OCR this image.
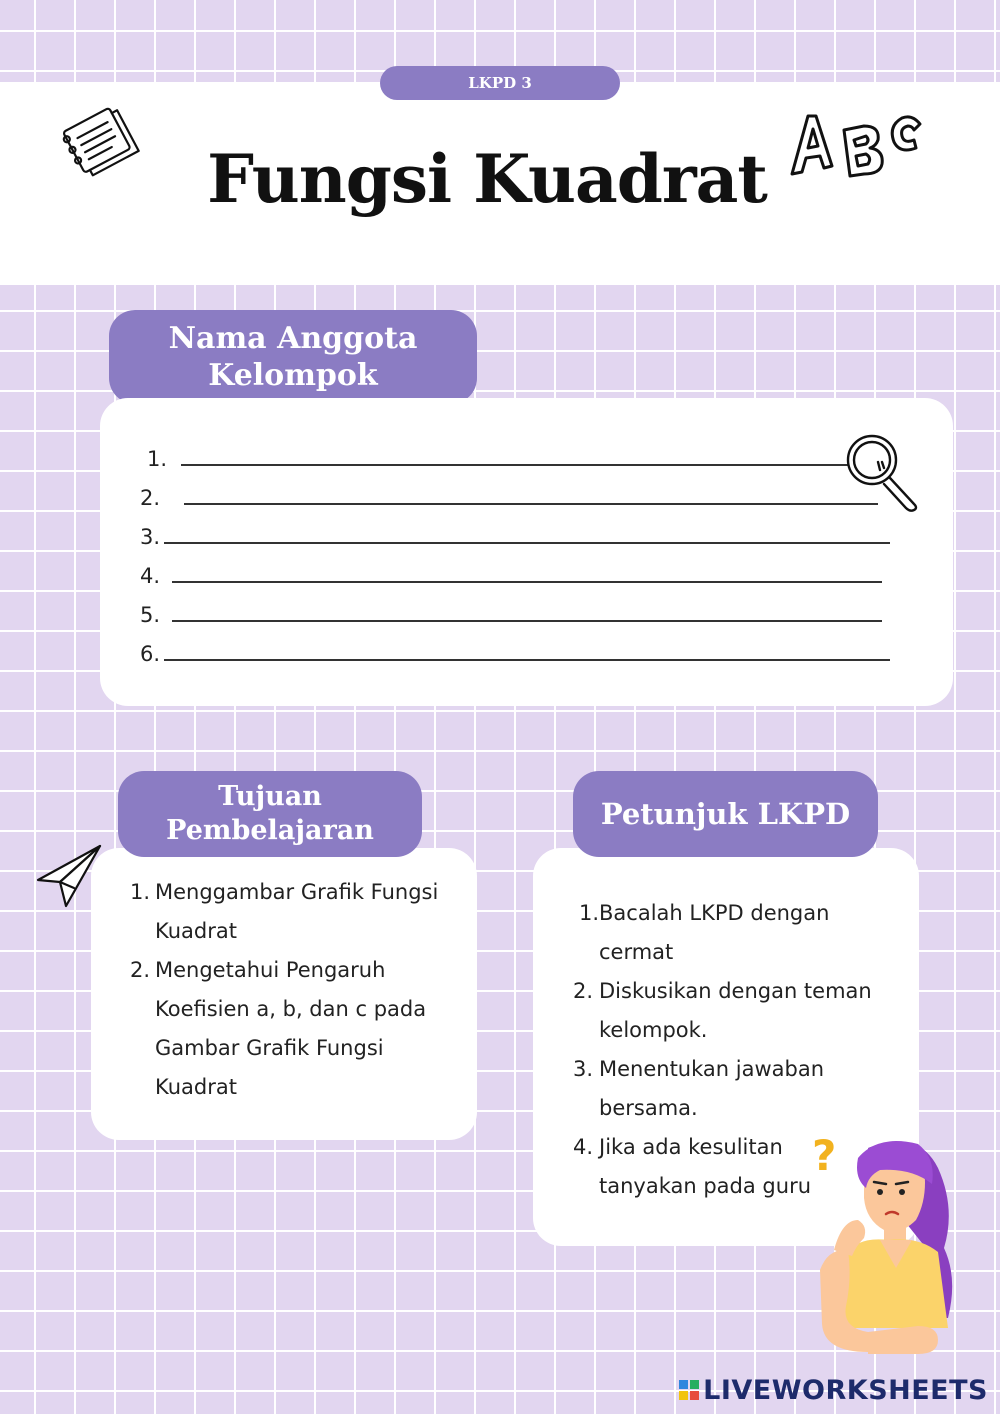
LKPD 3
Fungsi Kuadrat
Nama Anggota
Kelompok
1.
2.
3.
4.
5.
6.
Tujuan
Pembelajaran
1. Menggambar Grafik Fungsi Kuadrat
2. Mengetahui Pengaruh Koefisien a, b, dan c pada Gambar Grafik Fungsi Kuadrat
Petunjuk LKPD
1. Bacalah LKPD dengan cermat
2. Diskusikan dengan teman kelompok.
3. Menentukan jawaban bersama.
4. Jika ada kesulitan tanyakan pada guru
?
LIVEWORKSHEETS
